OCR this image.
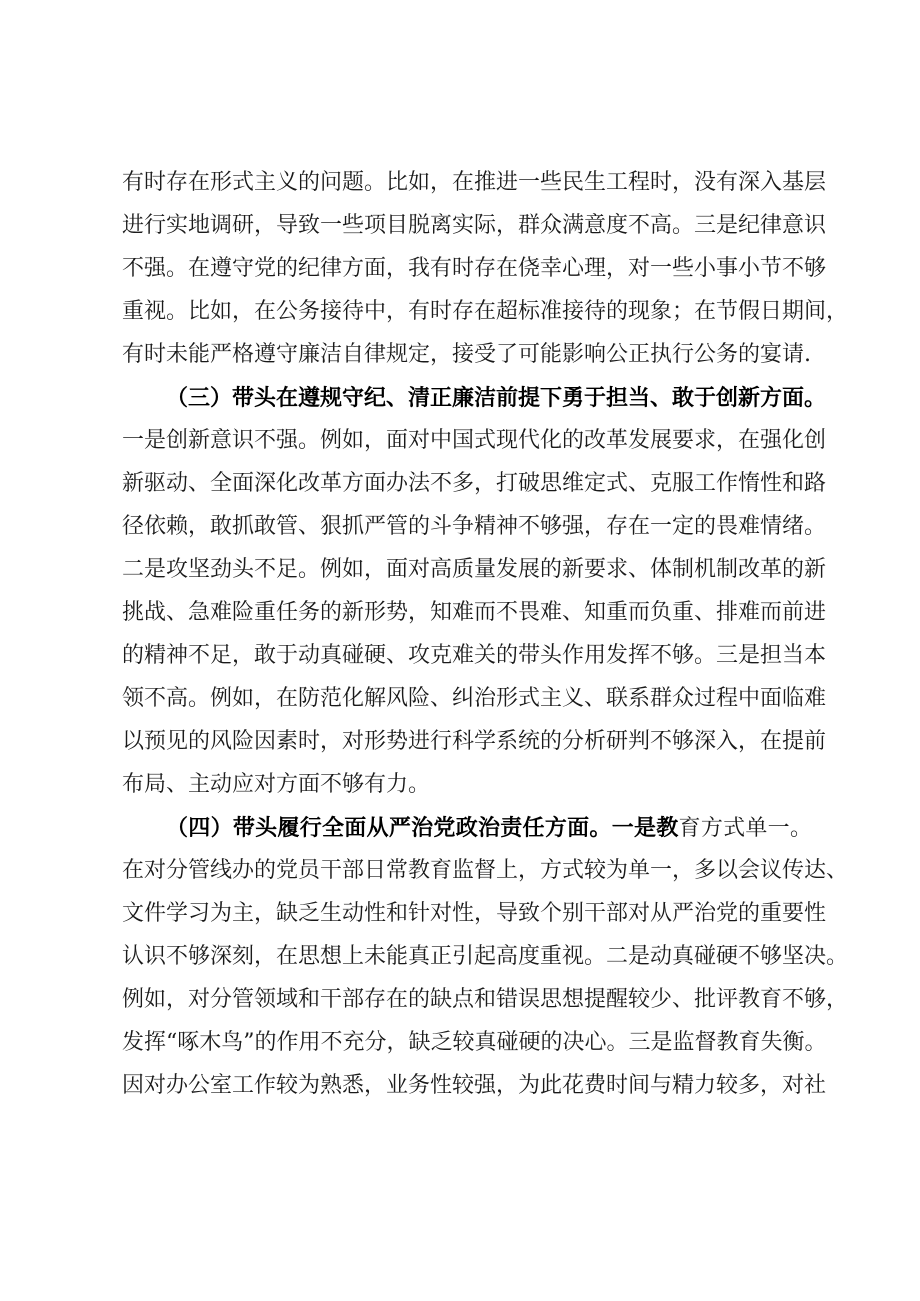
有时存在形式主义的问题。比如，在推进一些民生工程时，没有深入基层
进行实地调研，导致一些项目脱离实际，群众满意度不高。三是纪律意识
不强。在遵守党的纪律方面，我有时存在侥幸心理，对一些小事小节不够
重视。比如，在公务接待中，有时存在超标准接待的现象；在节假日期间，
有时未能严格遵守廉洁自律规定，接受了可能影响公正执行公务的宴请.
（三）带头在遵规守纪、清正廉洁前提下勇于担当、敢于创新方面。
一是创新意识不强。例如，面对中国式现代化的改革发展要求，在强化创
新驱动、全面深化改革方面办法不多，打破思维定式、克服工作惰性和路
径依赖，敢抓敢管、狠抓严管的斗争精神不够强，存在一定的畏难情绪。
二是攻坚劲头不足。例如，面对高质量发展的新要求、体制机制改革的新
挑战、急难险重任务的新形势，知难而不畏难、知重而负重、排难而前进
的精神不足，敢于动真碰硬、攻克难关的带头作用发挥不够。三是担当本
领不高。例如，在防范化解风险、纠治形式主义、联系群众过程中面临难
以预见的风险因素时，对形势进行科学系统的分析研判不够深入，在提前
布局、主动应对方面不够有力。
（四）带头履行全面从严治党政治责任方面。一是教育方式单一。
在对分管线办的党员干部日常教育监督上，方式较为单一，多以会议传达、
文件学习为主，缺乏生动性和针对性，导致个别干部对从严治党的重要性
认识不够深刻，在思想上未能真正引起高度重视。二是动真碰硬不够坚决。
例如，对分管领域和干部存在的缺点和错误思想提醒较少、批评教育不够，
发挥“啄木鸟”的作用不充分，缺乏较真碰硬的决心。三是监督教育失衡。
因对办公室工作较为熟悉，业务性较强，为此花费时间与精力较多，对社
